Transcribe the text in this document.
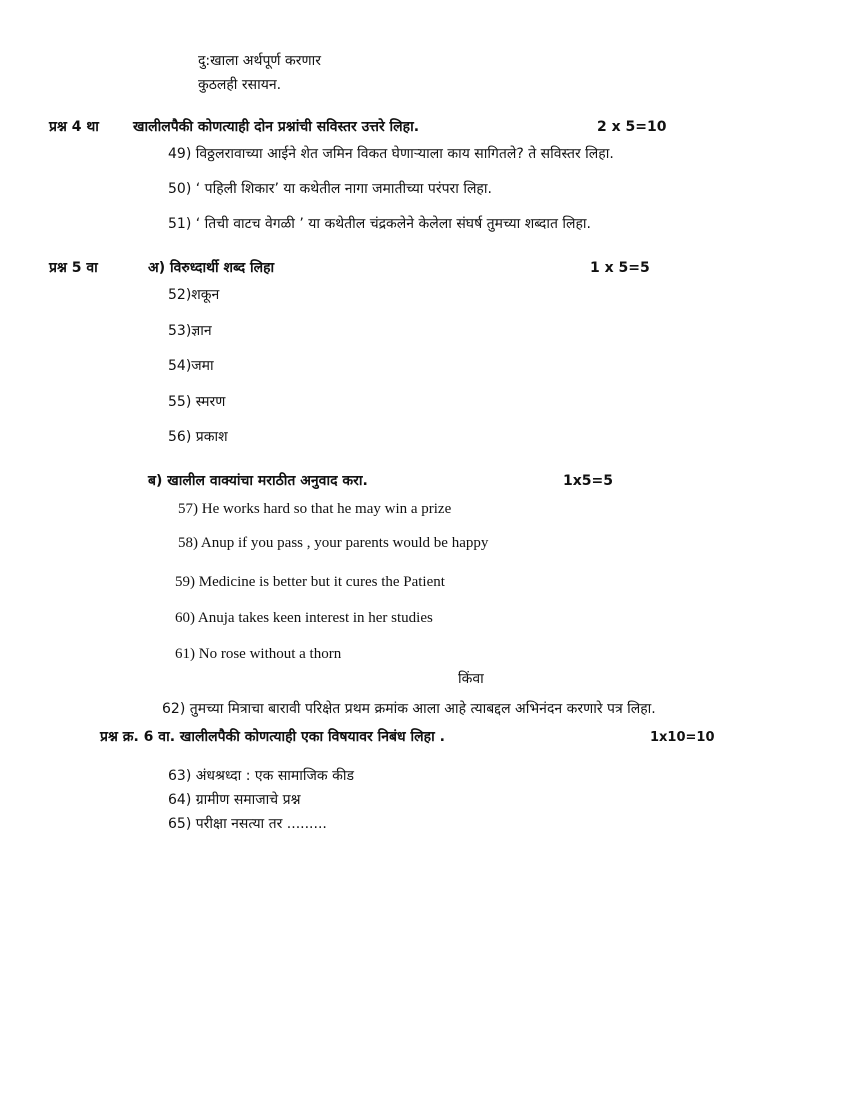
दु:खाला अर्थपूर्ण करणार
कुठलही रसायन.
प्रश्न 4 था खालीलपैकी कोणत्याही दोन प्रश्नांची सविस्तर उत्तरे लिहा.	2 x 5=10
49) विठ्ठलरावाच्या आईने शेत जमिन विकत घेणाऱ्याला काय सागितले? ते सविस्तर लिहा.
50) ‘ पहिली शिकार’ या कथेतील नागा जमातीच्या परंपरा लिहा.
51) ‘ तिची वाटच वेगळी ’ या कथेतील चंद्रकलेने केलेला संघर्ष तुमच्या शब्दात लिहा.
प्रश्न 5 वा	अ) विरुध्दार्थी शब्द लिहा	1 x 5=5
52)शकून
53)ज्ञान
54)जमा
55) स्मरण
56) प्रकाश
ब) खालील वाक्यांचा मराठीत अनुवाद करा.	1x5=5
57) He works hard so that he may win a prize
58) Anup if you pass , your parents would be happy
59) Medicine is better but it cures the Patient
60) Anuja takes keen interest in her studies
61) No rose without a thorn
किंवा
62) तुमच्या मित्राचा बारावी परिक्षेत प्रथम क्रमांक आला आहे त्याबद्दल अभिनंदन करणारे पत्र लिहा.
प्रश्न क्र. 6 वा. खालीलपैकी कोणत्याही एका विषयावर निबंध लिहा .	1x10=10
63) अंधश्रध्दा : एक सामाजिक कीड
64) ग्रामीण समाजाचे प्रश्न
65) परीक्षा नसत्या तर .........
